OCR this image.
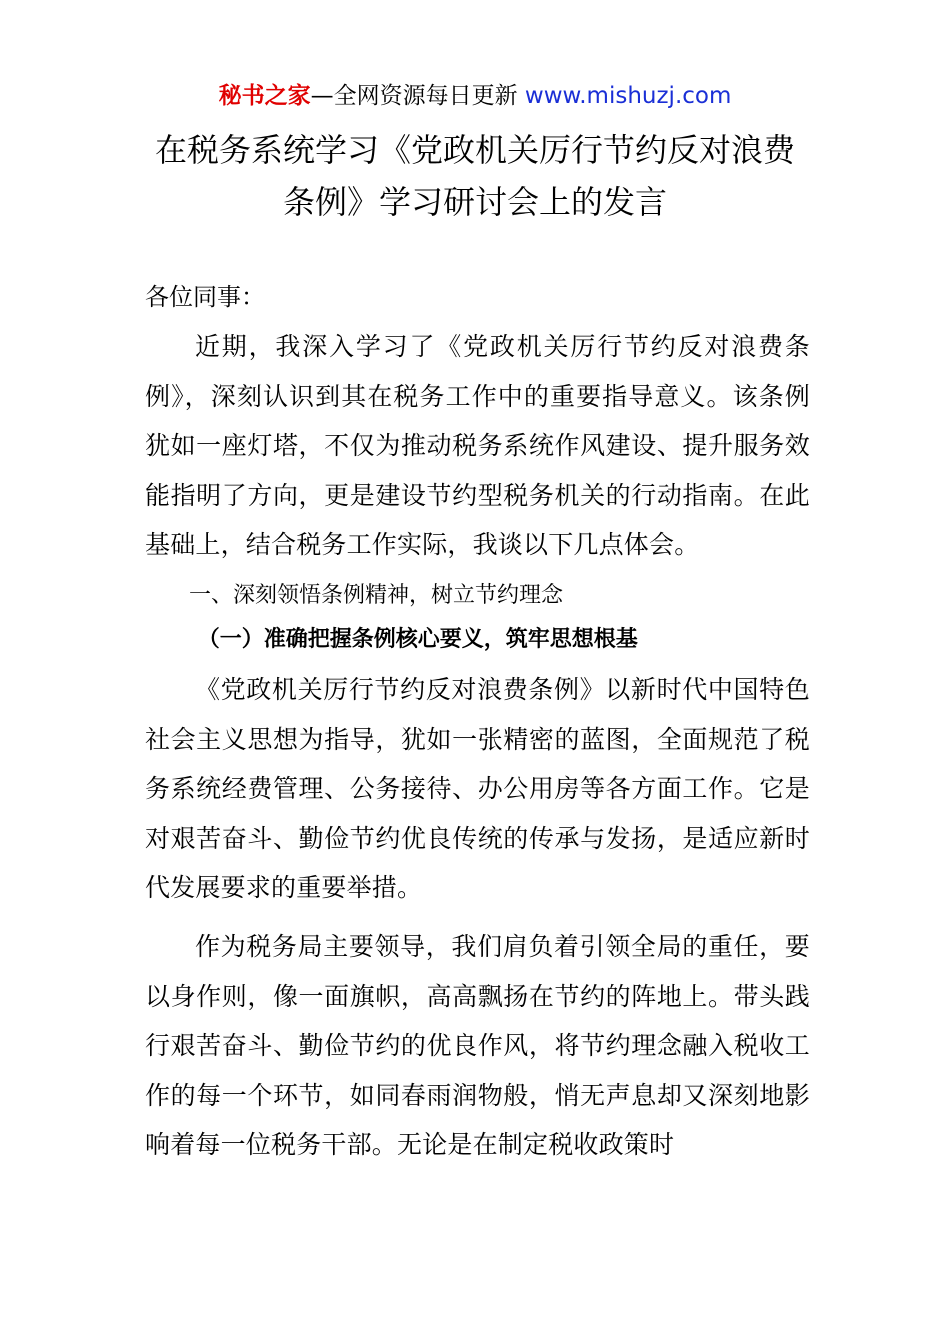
秘书之家—全网资源每日更新 www.mishuzj.com
在税务系统学习《党政机关厉行节约反对浪费
条例》学习研讨会上的发言

各位同事：

近期，我深入学习了《党政机关厉行节约反对浪费条例》，深刻认识到其在税务工作中的重要指导意义。该条例犹如一座灯塔，不仅为推动税务系统作风建设、提升服务效能指明了方向，更是建设节约型税务机关的行动指南。在此基础上，结合税务工作实际，我谈以下几点体会。

一、深刻领悟条例精神，树立节约理念

（一）准确把握条例核心要义，筑牢思想根基

《党政机关厉行节约反对浪费条例》以新时代中国特色社会主义思想为指导，犹如一张精密的蓝图，全面规范了税务系统经费管理、公务接待、办公用房等各方面工作。它是对艰苦奋斗、勤俭节约优良传统的传承与发扬，是适应新时代发展要求的重要举措。

作为税务局主要领导，我们肩负着引领全局的重任，要以身作则，像一面旗帜，高高飘扬在节约的阵地上。带头践行艰苦奋斗、勤俭节约的优良作风，将节约理念融入税收工作的每一个环节，如同春雨润物般，悄无声息却又深刻地影响着每一位税务干部。无论是在制定税收政策时
